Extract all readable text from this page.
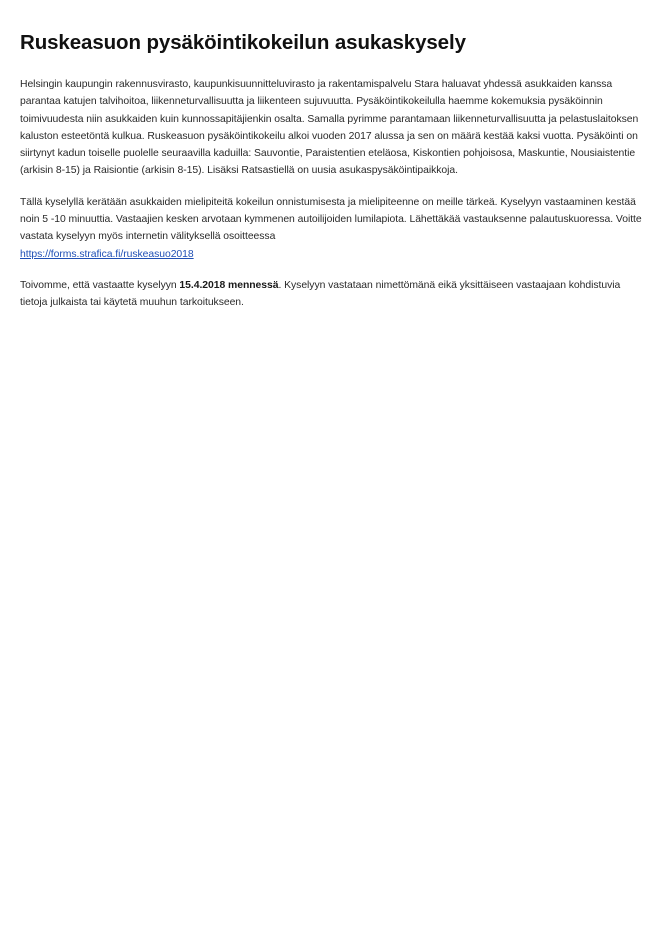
Ruskeasuon pysäköintikokeilun asukaskysely

Helsingin kaupungin rakennusvirasto, kaupunkisuunnitteluvirasto ja rakentamispalvelu Stara haluavat yhdessä asukkaiden kanssa parantaa katujen talvihoitoa, liikenneturvallisuutta ja liikenteen sujuvuutta. Pysäköintikokeilulla haemme kokemuksia pysäköinnin toimivuudesta niin asukkaiden kuin kunnossapitäjienkin osalta. Samalla pyrimme parantamaan liikenneturvallisuutta ja pelastuslaitoksen kaluston esteetöntä kulkua. Ruskeasuon pysäköintikokeilu alkoi vuoden 2017 alussa ja sen on määrä kestää kaksi vuotta. Pysäköinti on siirtynyt kadun toiselle puolelle seuraavilla kaduilla: Sauvontie, Paraistentien eteläosa, Kiskontien pohjoisosa, Maskuntie, Nousiaistentie (arkisin 8-15) ja Raisiontie (arkisin 8-15). Lisäksi Ratsastiellä on uusia asukaspysäköintipaikkoja.

Tällä kyselyllä kerätään asukkaiden mielipiteitä kokeilun onnistumisesta ja mielipiteenne on meille tärkeä. Kyselyyn vastaaminen kestää noin 5 -10 minuuttia. Vastaajien kesken arvotaan kymmenen autoilijoiden lumilapiota. Lähettäkää vastauksenne palautuskuoressa. Voitte vastata kyselyyn myös internetin välityksellä osoitteessa
https://forms.strafica.fi/ruskeasuo2018

Toivomme, että vastaatte kyselyyn 15.4.2018 mennessä. Kyselyyn vastataan nimettömänä eikä yksittäiseen vastaajaan kohdistuvia tietoja julkaista tai käytetä muuhun tarkoitukseen.
